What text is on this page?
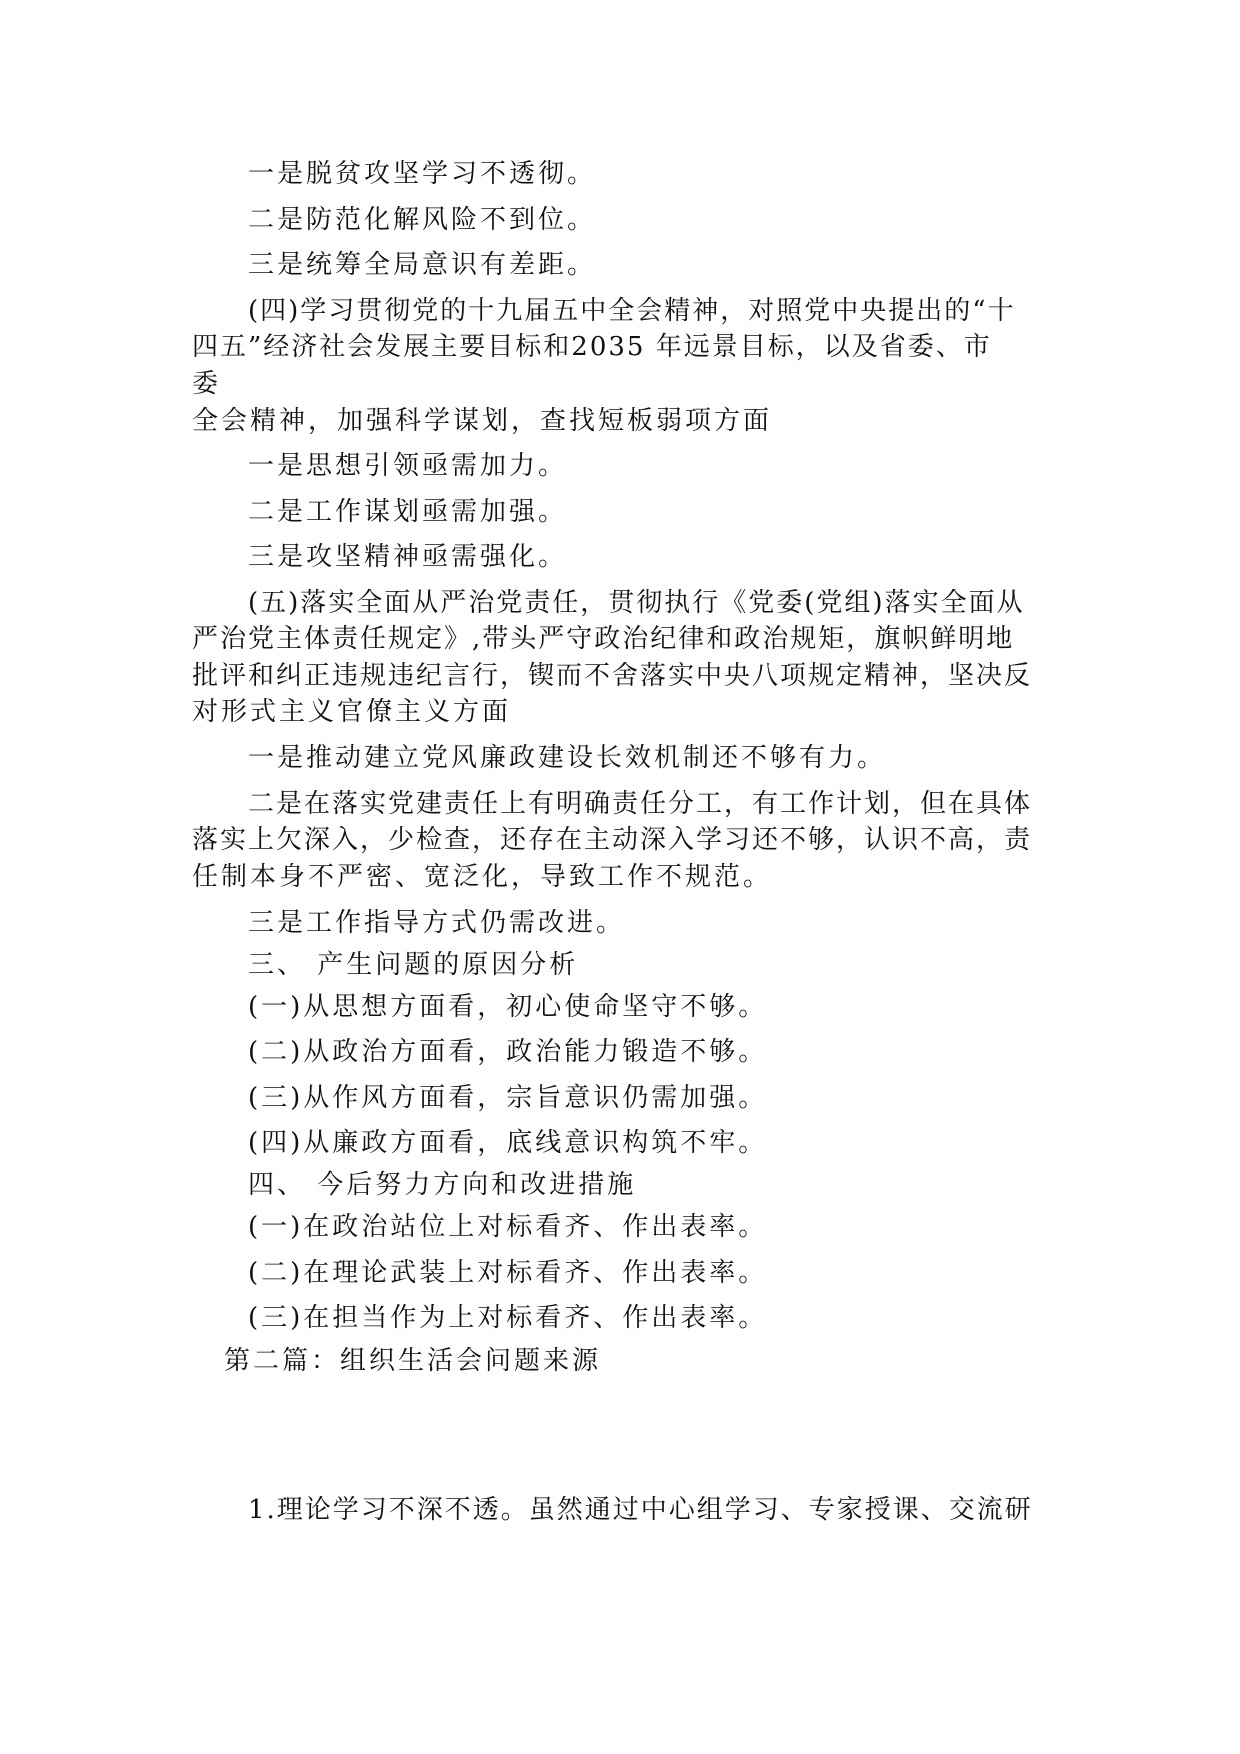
一是脱贫攻坚学习不透彻。
二是防范化解风险不到位。
三是统筹全局意识有差距。
(四)学习贯彻党的十九届五中全会精神，对照党中央提出的“十
四五”经济社会发展主要目标和2035 年远景目标，以及省委、市
委
全会精神，加强科学谋划，查找短板弱项方面
一是思想引领亟需加力。
二是工作谋划亟需加强。
三是攻坚精神亟需强化。
(五)落实全面从严治党责任，贯彻执行《党委(党组)落实全面从
严治党主体责任规定》,带头严守政治纪律和政治规矩，旗帜鲜明地
批评和纠正违规违纪言行，锲而不舍落实中央八项规定精神，坚决反
对形式主义官僚主义方面
一是推动建立党风廉政建设长效机制还不够有力。
二是在落实党建责任上有明确责任分工，有工作计划，但在具体
落实上欠深入，少检查，还存在主动深入学习还不够，认识不高，责
任制本身不严密、宽泛化，导致工作不规范。
三是工作指导方式仍需改进。
三、 产生问题的原因分析
(一)从思想方面看，初心使命坚守不够。
(二)从政治方面看，政治能力锻造不够。
(三)从作风方面看，宗旨意识仍需加强。
(四)从廉政方面看，底线意识构筑不牢。
四、 今后努力方向和改进措施
(一)在政治站位上对标看齐、作出表率。
(二)在理论武装上对标看齐、作出表率。
(三)在担当作为上对标看齐、作出表率。
第二篇：组织生活会问题来源
1.理论学习不深不透。虽然通过中心组学习、专家授课、交流研
